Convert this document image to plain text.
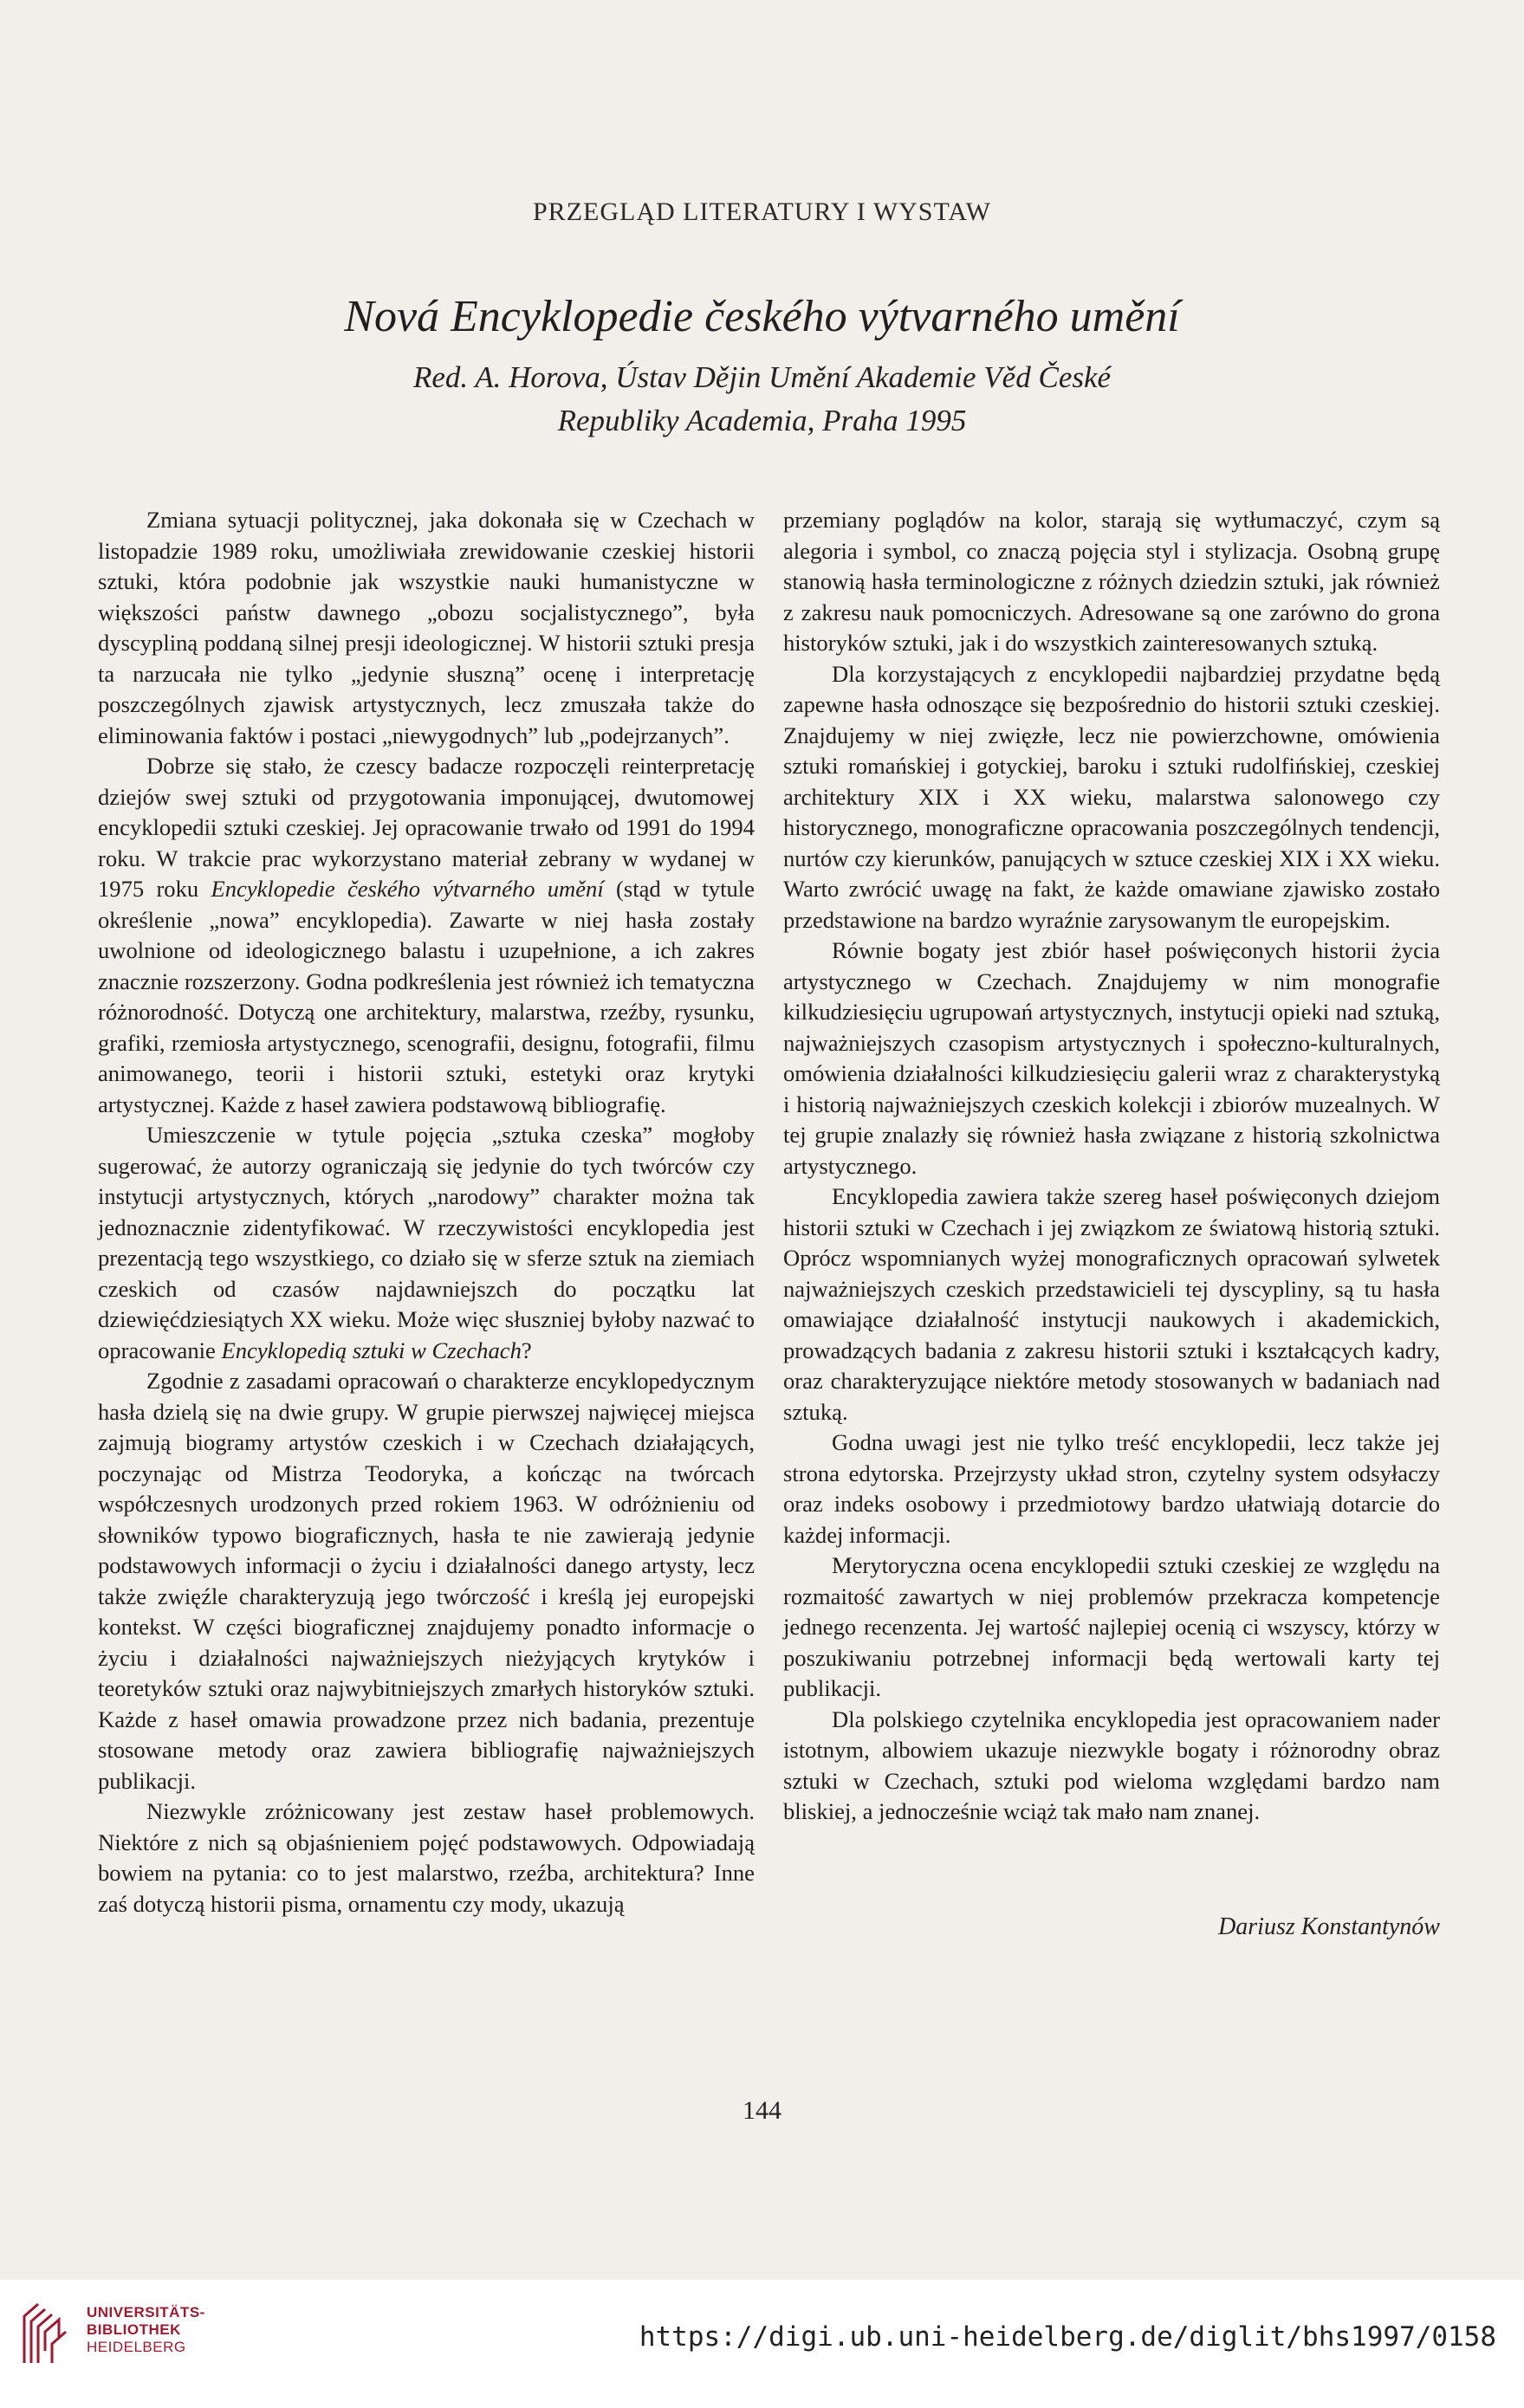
PRZEGLĄD LITERATURY I WYSTAW
Nová Encyklopedie českého výtvarného umění
Red. A. Horova, Ústav Dějin Umění Akademie Věd České
Republiky Academia, Praha 1995

Zmiana sytuacji politycznej, jaka dokonała się w Czechach w listopadzie 1989 roku, umożliwiała zrewidowanie czeskiej historii sztuki, która podobnie jak wszystkie nauki humanistyczne w większości państw dawnego „obozu socjalistycznego”, była dyscypliną poddaną silnej presji ideologicznej. W historii sztuki presja ta narzucała nie tylko „jedynie słuszną” ocenę i interpretację poszczególnych zjawisk artystycznych, lecz zmuszała także do eliminowania faktów i postaci „niewygodnych” lub „podejrzanych”.

Dobrze się stało, że czescy badacze rozpoczęli reinterpretację dziejów swej sztuki od przygotowania imponującej, dwutomowej encyklopedii sztuki czeskiej. Jej opracowanie trwało od 1991 do 1994 roku. W trakcie prac wykorzystano materiał zebrany w wydanej w 1975 roku Encyklopedie českého výtvarného umění (stąd w tytule określenie „nowa” encyklopedia). Zawarte w niej hasła zostały uwolnione od ideologicznego balastu i uzupełnione, a ich zakres znacznie rozszerzony. Godna podkreślenia jest również ich tematyczna różnorodność. Dotyczą one architektury, malarstwa, rzeźby, rysunku, grafiki, rzemiosła artystycznego, scenografii, designu, fotografii, filmu animowanego, teorii i historii sztuki, estetyki oraz krytyki artystycznej. Każde z haseł zawiera podstawową bibliografię.

Umieszczenie w tytule pojęcia „sztuka czeska” mogłoby sugerować, że autorzy ograniczają się jedynie do tych twórców czy instytucji artystycznych, których „narodowy” charakter można tak jednoznacznie zidentyfikować. W rzeczywistości encyklopedia jest prezentacją tego wszystkiego, co działo się w sferze sztuk na ziemiach czeskich od czasów najdawniejszch do początku lat dziewięćdziesiątych XX wieku. Może więc słuszniej byłoby nazwać to opracowanie Encyklopedią sztuki w Czechach?

Zgodnie z zasadami opracowań o charakterze encyklopedycznym hasła dzielą się na dwie grupy. W grupie pierwszej najwięcej miejsca zajmują biogramy artystów czeskich i w Czechach działających, poczynając od Mistrza Teodoryka, a kończąc na twórcach współczesnych urodzonych przed rokiem 1963. W odróżnieniu od słowników typowo biograficznych, hasła te nie zawierają jedynie podstawowych informacji o życiu i działalności danego artysty, lecz także zwięźle charakteryzują jego twórczość i kreślą jej europejski kontekst. W części biograficznej znajdujemy ponadto informacje o życiu i działalności najważniejszych nieżyjących krytyków i teoretyków sztuki oraz najwybitniejszych zmarłych historyków sztuki. Każde z haseł omawia prowadzone przez nich badania, prezentuje stosowane metody oraz zawiera bibliografię najważniejszych publikacji.

Niezwykle zróżnicowany jest zestaw haseł problemowych. Niektóre z nich są objaśnieniem pojęć podstawowych. Odpowiadają bowiem na pytania: co to jest malarstwo, rzeźba, architektura? Inne zaś dotyczą historii pisma, ornamentu czy mody, ukazują

przemiany poglądów na kolor, starają się wytłumaczyć, czym są alegoria i symbol, co znaczą pojęcia styl i stylizacja. Osobną grupę stanowią hasła terminologiczne z różnych dziedzin sztuki, jak również z zakresu nauk pomocniczych. Adresowane są one zarówno do grona historyków sztuki, jak i do wszystkich zainteresowanych sztuką.

Dla korzystających z encyklopedii najbardziej przydatne będą zapewne hasła odnoszące się bezpośrednio do historii sztuki czeskiej. Znajdujemy w niej zwięzłe, lecz nie powierzchowne, omówienia sztuki romańskiej i gotyckiej, baroku i sztuki rudolfińskiej, czeskiej architektury XIX i XX wieku, malarstwa salonowego czy historycznego, monograficzne opracowania poszczególnych tendencji, nurtów czy kierunków, panujących w sztuce czeskiej XIX i XX wieku. Warto zwrócić uwagę na fakt, że każde omawiane zjawisko zostało przedstawione na bardzo wyraźnie zarysowanym tle europejskim.

Równie bogaty jest zbiór haseł poświęconych historii życia artystycznego w Czechach. Znajdujemy w nim monografie kilkudziesięciu ugrupowań artystycznych, instytucji opieki nad sztuką, najważniejszych czasopism artystycznych i społeczno-kulturalnych, omówienia działalności kilkudziesięciu galerii wraz z charakterystyką i historią najważniejszych czeskich kolekcji i zbiorów muzealnych. W tej grupie znalazły się również hasła związane z historią szkolnictwa artystycznego.

Encyklopedia zawiera także szereg haseł poświęconych dziejom historii sztuki w Czechach i jej związkom ze światową historią sztuki. Oprócz wspomnianych wyżej monograficznych opracowań sylwetek najważniejszych czeskich przedstawicieli tej dyscypliny, są tu hasła omawiające działalność instytucji naukowych i akademickich, prowadzących badania z zakresu historii sztuki i kształcących kadry, oraz charakteryzujące niektóre metody stosowanych w badaniach nad sztuką.

Godna uwagi jest nie tylko treść encyklopedii, lecz także jej strona edytorska. Przejrzysty układ stron, czytelny system odsyłaczy oraz indeks osobowy i przedmiotowy bardzo ułatwiają dotarcie do każdej informacji.

Merytoryczna ocena encyklopedii sztuki czeskiej ze względu na rozmaitość zawartych w niej problemów przekracza kompetencje jednego recenzenta. Jej wartość najlepiej ocenią ci wszyscy, którzy w poszukiwaniu potrzebnej informacji będą wertowali karty tej publikacji.

Dla polskiego czytelnika encyklopedia jest opracowaniem nader istotnym, albowiem ukazuje niezwykle bogaty i różnorodny obraz sztuki w Czechach, sztuki pod wieloma względami bardzo nam bliskiej, a jednocześnie wciąż tak mało nam znanej.

Dariusz Konstantynów
144
UNIVERSITÄTS-
BIBLIOTHEK
HEIDELBERG	https://digi.ub.uni-heidelberg.de/diglit/bhs1997/0158
